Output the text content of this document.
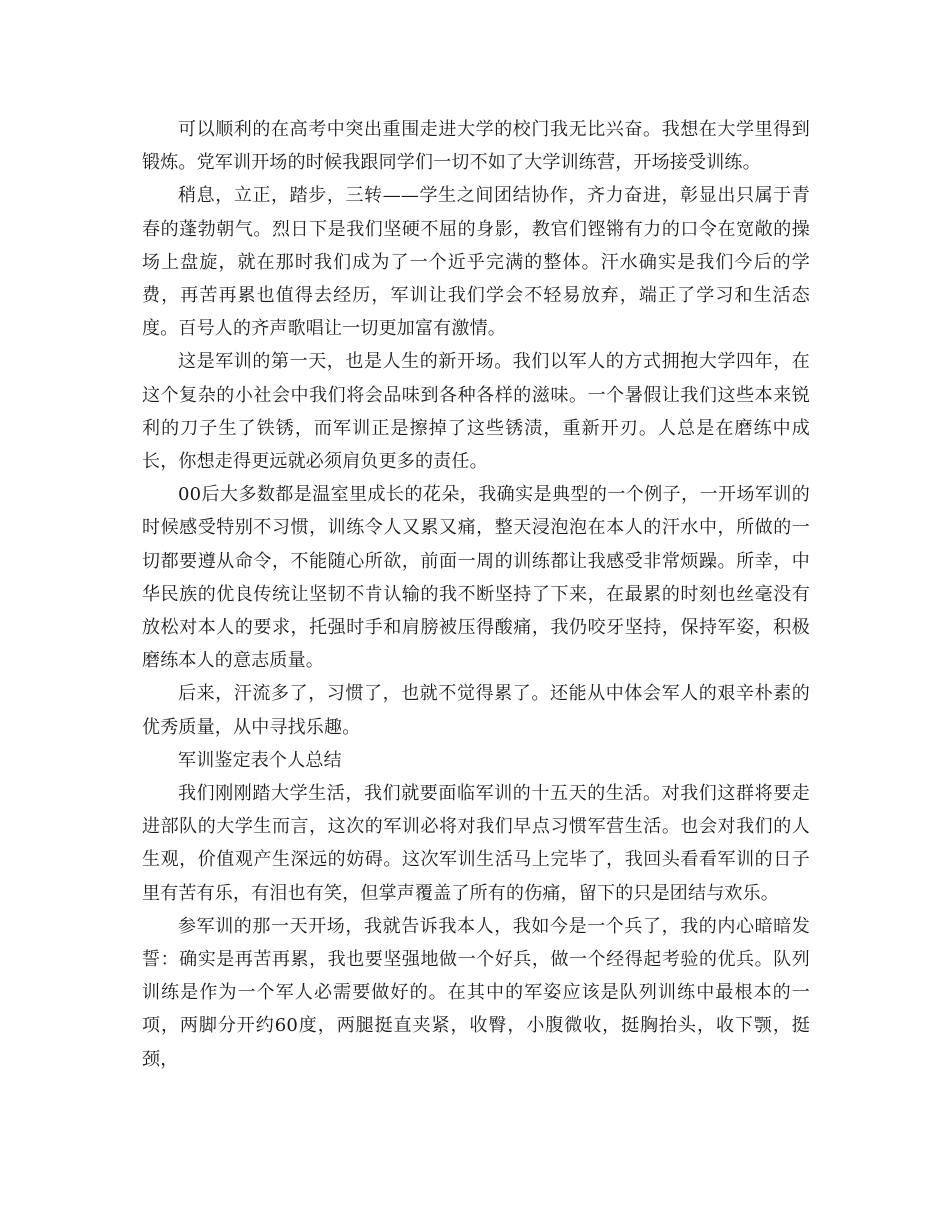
可以顺利的在高考中突出重围走进大学的校门我无比兴奋。我想在大学里得到锻炼。党军训开场的时候我跟同学们一切不如了大学训练营，开场接受训练。

稍息，立正，踏步，三转——学生之间团结协作，齐力奋进，彰显出只属于青春的蓬勃朝气。烈日下是我们坚硬不屈的身影，教官们铿锵有力的口令在宽敞的操场上盘旋，就在那时我们成为了一个近乎完满的整体。汗水确实是我们今后的学费，再苦再累也值得去经历，军训让我们学会不轻易放弃，端正了学习和生活态度。百号人的齐声歌唱让一切更加富有激情。

这是军训的第一天，也是人生的新开场。我们以军人的方式拥抱大学四年，在这个复杂的小社会中我们将会品味到各种各样的滋味。一个暑假让我们这些本来锐利的刀子生了铁锈，而军训正是擦掉了这些锈渍，重新开刃。人总是在磨练中成长，你想走得更远就必须肩负更多的责任。

00后大多数都是温室里成长的花朵，我确实是典型的一个例子，一开场军训的时候感受特别不习惯，训练令人又累又痛，整天浸泡泡在本人的汗水中，所做的一切都要遵从命令，不能随心所欲，前面一周的训练都让我感受非常烦躁。所幸，中华民族的优良传统让坚韧不肯认输的我不断坚持了下来，在最累的时刻也丝毫没有放松对本人的要求，托强时手和肩膀被压得酸痛，我仍咬牙坚持，保持军姿，积极磨练本人的意志质量。

后来，汗流多了，习惯了，也就不觉得累了。还能从中体会军人的艰辛朴素的优秀质量，从中寻找乐趣。

军训鉴定表个人总结

我们刚刚踏大学生活，我们就要面临军训的十五天的生活。对我们这群将要走进部队的大学生而言，这次的军训必将对我们早点习惯军营生活。也会对我们的人生观，价值观产生深远的妨碍。这次军训生活马上完毕了，我回头看看军训的日子里有苦有乐，有泪也有笑，但掌声覆盖了所有的伤痛，留下的只是团结与欢乐。

参军训的那一天开场，我就告诉我本人，我如今是一个兵了，我的内心暗暗发誓：确实是再苦再累，我也要坚强地做一个好兵，做一个经得起考验的优兵。队列训练是作为一个军人必需要做好的。在其中的军姿应该是队列训练中最根本的一项，两脚分开约60度，两腿挺直夹紧，收臀，小腹微收，挺胸抬头，收下颚，挺颈，
